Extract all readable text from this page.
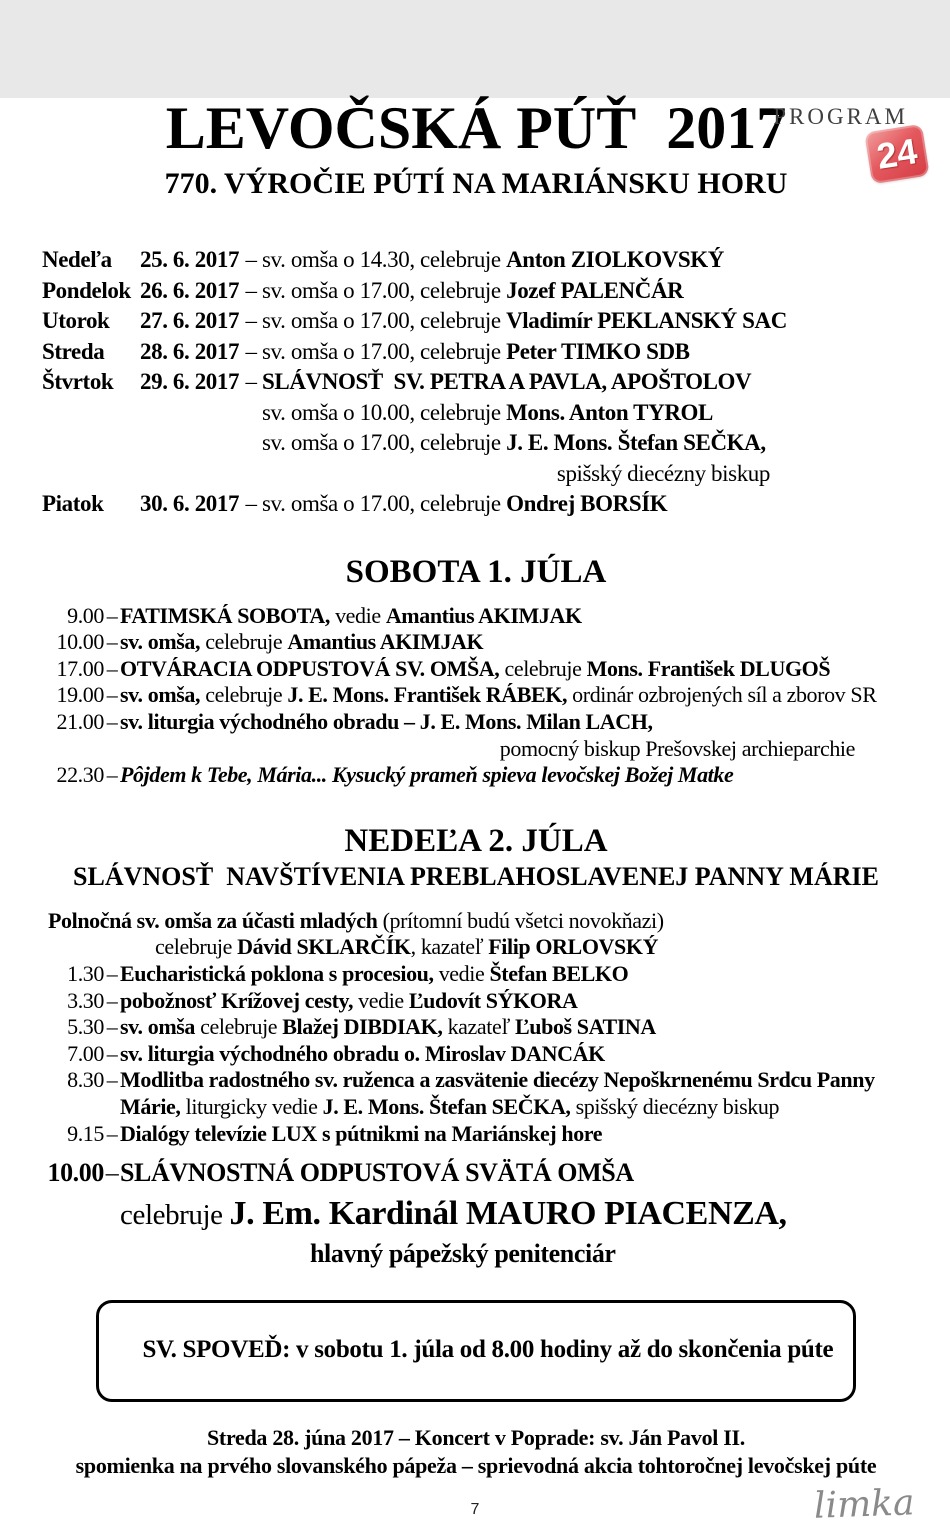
PROGRAM
24
LEVOČSKÁ PÚŤ  2017
770. VÝROČIE PÚTÍ NA MARIÁNSKU HORU
Nedeľa	25. 6. 2017 – sv. omša o 14.30, celebruje Anton ZIOLKOVSKÝ
Pondelok 26. 6. 2017 – sv. omša o 17.00, celebruje Jozef PALENČÁR
Utorok	27. 6. 2017 – sv. omša o 17.00, celebruje Vladimír PEKLANSKÝ SAC
Streda	28. 6. 2017 – sv. omša o 17.00, celebruje Peter TIMKO SDB
Štvrtok	29. 6. 2017 – SLÁVNOSŤ  SV. PETRA A PAVLA, APOŠTOLOV
sv. omša o 10.00, celebruje Mons. Anton TYROL
sv. omša o 17.00, celebruje J. E. Mons. Štefan SEČKA,
spišský diecézny biskup
Piatok	30. 6. 2017 – sv. omša o 17.00, celebruje Ondrej BORSÍK
SOBOTA 1. JÚLA
9.00 – FATIMSKÁ SOBOTA, vedie Amantius AKIMJAK
10.00 – sv. omša, celebruje Amantius AKIMJAK
17.00 – OTVÁRACIA ODPUSTOVÁ SV. OMŠA, celebruje Mons. František DLUGOŠ
19.00 – sv. omša, celebruje J. E. Mons. František RÁBEK, ordinár ozbrojených síl a zborov SR
21.00 – sv. liturgia východného obradu – J. E. Mons. Milan LACH,
pomocný biskup Prešovskej archieparchie
22.30 – Pôjdem k Tebe, Mária... Kysucký prameň spieva levočskej Božej Matke
NEDEĽA 2. JÚLA
SLÁVNOSŤ  NAVŠTÍVENIA PREBLAHOSLAVENEJ PANNY MÁRIE
Polnočná sv. omša za účasti mladých (prítomní budú všetci novokňazi)
celebruje Dávid SKLARČÍK, kazateľ Filip ORLOVSKÝ
1.30 – Eucharistická poklona s procesiou, vedie Štefan BELKO
3.30 – pobožnosť Krížovej cesty, vedie Ľudovít SÝKORA
5.30 – sv. omša celebruje Blažej DIBDIAK, kazateľ Ľuboš SATINA
7.00 – sv. liturgia východného obradu o. Miroslav DANCÁK
8.30 – Modlitba radostného sv. ruženca a zasvätenie diecézy Nepoškrnenému Srdcu Panny
Márie, liturgicky vedie J. E. Mons. Štefan SEČKA, spišský diecézny biskup
9.15 – Dialógy televízie LUX s pútnikmi na Mariánskej hore
10.00 – SLÁVNOSTNÁ ODPUSTOVÁ SVÄTÁ OMŠA
celebruje J. Em. Kardinál MAURO PIACENZA,
hlavný pápežský penitenciár

SV. SPOVEĎ: v sobotu 1. júla od 8.00 hodiny až do skončenia púte

Streda 28. júna 2017 – Koncert v Poprade: sv. Ján Pavol II.
spomienka na prvého slovanského pápeža – sprievodná akcia tohtoročnej levočskej púte
7	limka
